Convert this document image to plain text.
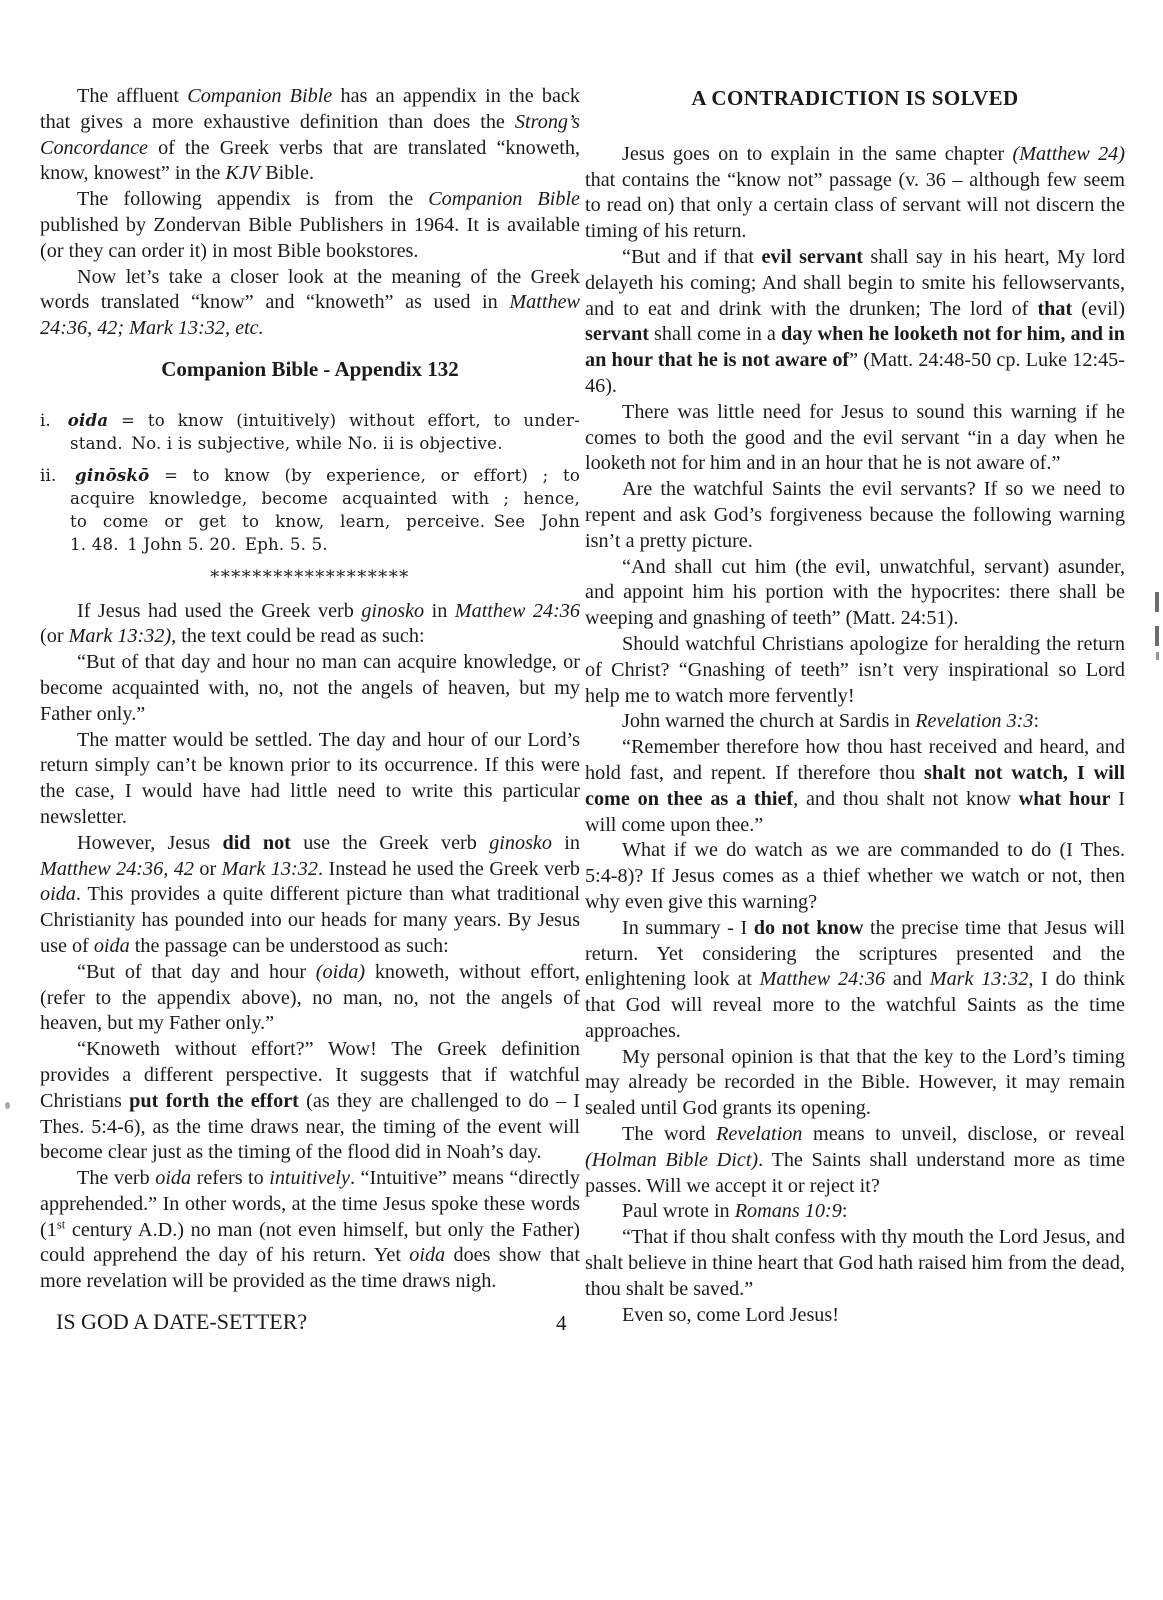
The affluent Companion Bible has an appendix in the back that gives a more exhaustive definition than does the Strong’s Concordance of the Greek verbs that are translated “knoweth, know, knowest” in the KJV Bible.

The following appendix is from the Companion Bible published by Zondervan Bible Publishers in 1964. It is available (or they can order it) in most Bible bookstores.

Now let’s take a closer look at the meaning of the Greek words translated “know” and “knoweth” as used in Matthew 24:36, 42; Mark 13:32, etc.

Companion Bible - Appendix 132
i. oida = to know (intuitively) without effort, to under-
stand. No. i is subjective, while No. ii is objective.
ii. ginōskō = to know (by experience, or effort) ; to
acquire knowledge, become acquainted with ; hence,
to come or get to know, learn, perceive. See John
1. 48. 1 John 5. 20. Eph. 5. 5.
*******************

If Jesus had used the Greek verb ginosko in Matthew 24:36 (or Mark 13:32), the text could be read as such:

“But of that day and hour no man can acquire knowledge, or become acquainted with, no, not the angels of heaven, but my Father only.”

The matter would be settled. The day and hour of our Lord’s return simply can’t be known prior to its occurrence. If this were the case, I would have had little need to write this particular newsletter.

However, Jesus did not use the Greek verb ginosko in Matthew 24:36, 42 or Mark 13:32. Instead he used the Greek verb oida. This provides a quite different picture than what traditional Christianity has pounded into our heads for many years. By Jesus use of oida the passage can be understood as such:

“But of that day and hour (oida) knoweth, without effort, (refer to the appendix above), no man, no, not the angels of heaven, but my Father only.”

“Knoweth without effort?” Wow! The Greek definition provides a different perspective. It suggests that if watchful Christians put forth the effort (as they are challenged to do – I Thes. 5:4-6), as the time draws near, the timing of the event will become clear just as the timing of the flood did in Noah’s day.

The verb oida refers to intuitively. “Intuitive” means “directly apprehended.” In other words, at the time Jesus spoke these words (1st century A.D.) no man (not even himself, but only the Father) could apprehend the day of his return. Yet oida does show that more revelation will be provided as the time draws nigh.

IS GOD A DATE-SETTER?	4
A CONTRADICTION IS SOLVED

Jesus goes on to explain in the same chapter (Matthew 24) that contains the “know not” passage (v. 36 – although few seem to read on) that only a certain class of servant will not discern the timing of his return.

“But and if that evil servant shall say in his heart, My lord delayeth his coming; And shall begin to smite his fellowservants, and to eat and drink with the drunken; The lord of that (evil) servant shall come in a day when he looketh not for him, and in an hour that he is not aware of” (Matt. 24:48-50 cp. Luke 12:45-46).

There was little need for Jesus to sound this warning if he comes to both the good and the evil servant “in a day when he looketh not for him and in an hour that he is not aware of.”

Are the watchful Saints the evil servants? If so we need to repent and ask God’s forgiveness because the following warning isn’t a pretty picture.

“And shall cut him (the evil, unwatchful, servant) asunder, and appoint him his portion with the hypocrites: there shall be weeping and gnashing of teeth” (Matt. 24:51).

Should watchful Christians apologize for heralding the return of Christ? “Gnashing of teeth” isn’t very inspirational so Lord help me to watch more fervently!

John warned the church at Sardis in Revelation 3:3:

“Remember therefore how thou hast received and heard, and hold fast, and repent. If therefore thou shalt not watch, I will come on thee as a thief, and thou shalt not know what hour I will come upon thee.”

What if we do watch as we are commanded to do (I Thes. 5:4-8)? If Jesus comes as a thief whether we watch or not, then why even give this warning?

In summary - I do not know the precise time that Jesus will return. Yet considering the scriptures presented and the enlightening look at Matthew 24:36 and Mark 13:32, I do think that God will reveal more to the watchful Saints as the time approaches.

My personal opinion is that that the key to the Lord’s timing may already be recorded in the Bible. However, it may remain sealed until God grants its opening.

The word Revelation means to unveil, disclose, or reveal (Holman Bible Dict). The Saints shall understand more as time passes. Will we accept it or reject it?

Paul wrote in Romans 10:9:

“That if thou shalt confess with thy mouth the Lord Jesus, and shalt believe in thine heart that God hath raised him from the dead, thou shalt be saved.”

Even so, come Lord Jesus!
